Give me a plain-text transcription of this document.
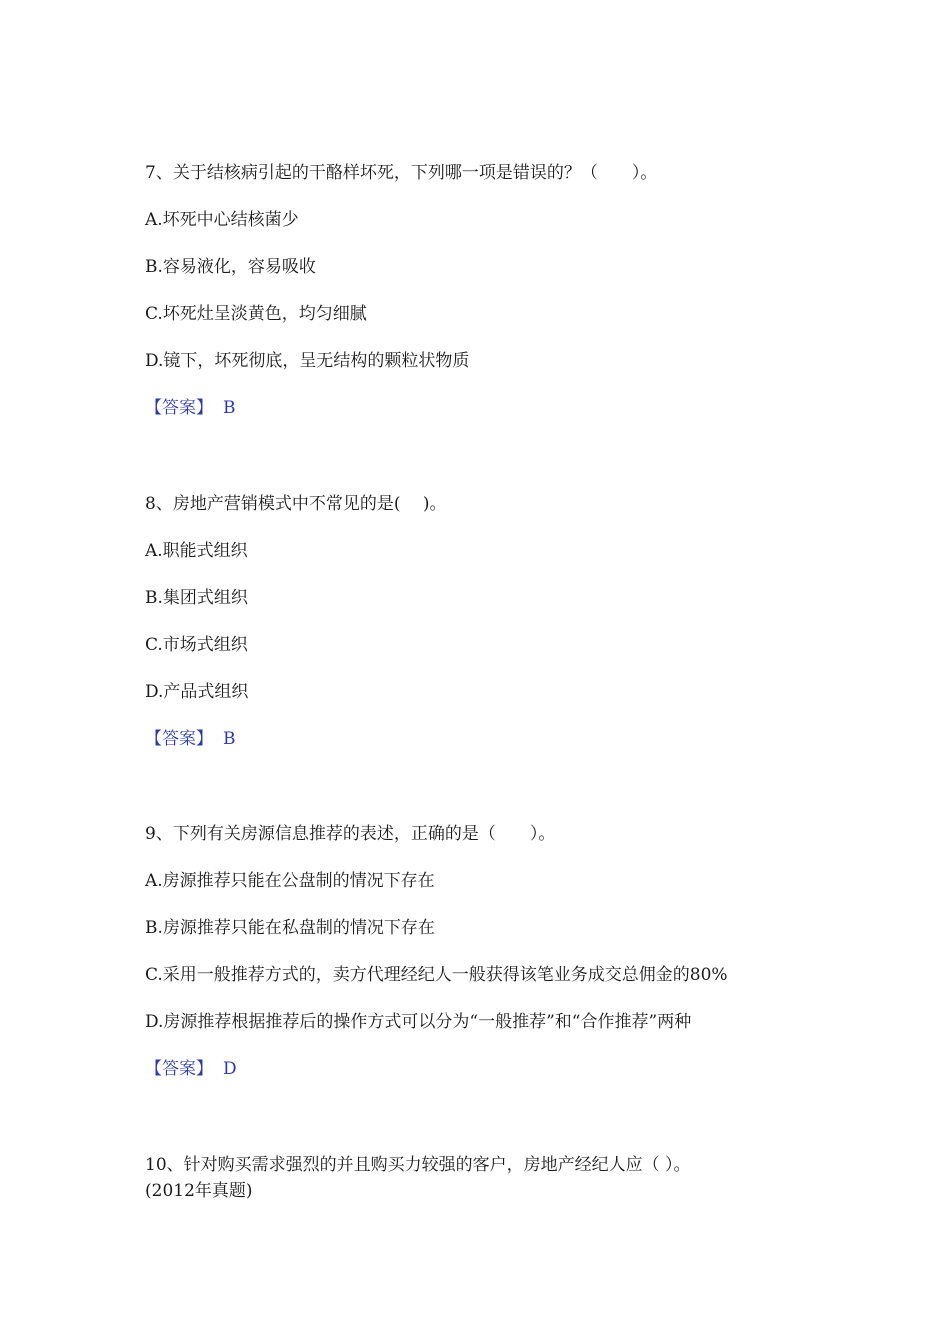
7、关于结核病引起的干酪样坏死，下列哪一项是错误的？（　　）。
A.坏死中心结核菌少
B.容易液化，容易吸收
C.坏死灶呈淡黄色，均匀细腻
D.镜下，坏死彻底，呈无结构的颗粒状物质
【答案】 B
8、房地产营销模式中不常见的是(　 )。
A.职能式组织
B.集团式组织
C.市场式组织
D.产品式组织
【答案】 B
9、下列有关房源信息推荐的表述，正确的是（　　）。
A.房源推荐只能在公盘制的情况下存在
B.房源推荐只能在私盘制的情况下存在
C.采用一般推荐方式的，卖方代理经纪人一般获得该笔业务成交总佣金的80%
D.房源推荐根据推荐后的操作方式可以分为“一般推荐”和“合作推荐”两种
【答案】 D
10、针对购买需求强烈的并且购买力较强的客户，房地产经纪人应（ ）。
(2012年真题)
